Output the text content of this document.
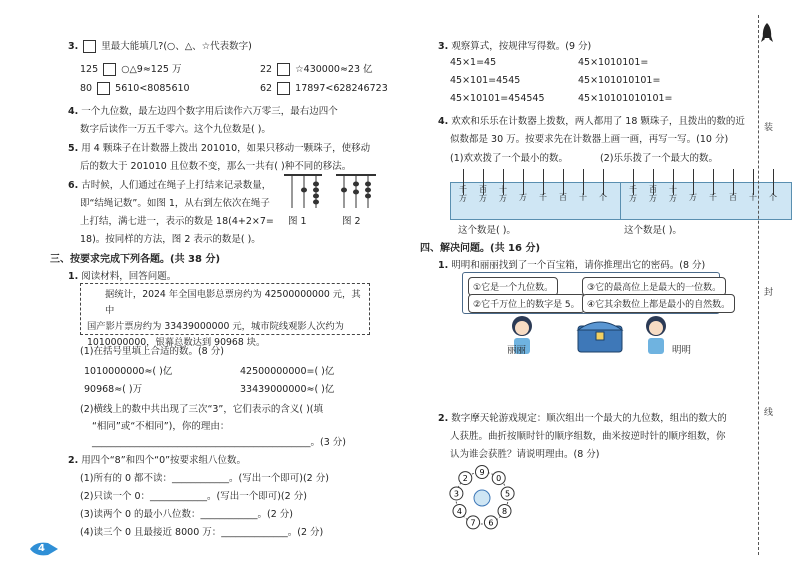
3. 里最大能填几?(○、△、☆代表数字)
125 ○△9≈125 万	22 ☆430000≈23 亿
80 5610<8085610	62 17897<628246723
4. 一个九位数，最左边四个数字用后读作六万零三，最右边四个
数字后读作一万五千零六。这个九位数是( )。
5. 用 4 颗珠子在计数器上拨出 201010，如果只移动一颗珠子，使移动
后的数大于 201010 且位数不变，那么一共有( )种不同的移法。
6. 古时候，人们通过在绳子上打结来记录数量，
即“结绳记数”。如图 1，从右到左依次在绳子
上打结，满七进一，表示的数是 18(4+2×7=
18)。按同样的方法，图 2 表示的数是( )。
图 1	图 2
三、按要求完成下列各题。(共 38 分)
1. 阅读材料，回答问题。
据统计，2024 年全国电影总票房约为 42500000000 元，其中
国产影片票房约为 33439000000 元，城市院线观影人次约为
1010000000，银幕总数达到 90968 块。
(1)在括号里填上合适的数。(8 分)
1010000000≈( )亿	42500000000=( )亿
90968≈( )万	33439000000≈( )亿
(2)横线上的数中共出现了三次“3”，它们表示的含义( )(填
“相同”或“不相同”)，你的理由：
______________________________________________。(3 分)
2. 用四个“8”和四个“0”按要求组八位数。
(1)所有的 0 都不读：____________。(写出一个即可)(2 分)
(2)只读一个 0：____________。(写出一个即可)(2 分)
(3)读两个 0 的最小八位数：____________。(2 分)
(4)读三个 0 且最接近 8000 万：______________。(2 分)
4
3. 观察算式，按规律写得数。(9 分)
45×1=45	45×1010101=
45×101=4545	45×101010101=
45×10101=454545	45×10101010101=
4. 欢欢和乐乐在计数器上拨数，两人都用了 18 颗珠子，且拨出的数的近
似数都是 30 万。按要求先在计数器上画一画，再写一写。(10 分)
(1)欢欢拨了一个最小的数。	(2)乐乐拨了一个最大的数。
千万
百万
十万 万 千 百 十 个
千万
百万
十万 万 千 百 十 个
这个数是( )。	这个数是( )。
四、解决问题。(共 16 分)
1. 明明和丽丽找到了一个百宝箱，请你推理出它的密码。(8 分)
①它是一个九位数。	③它的最高位上是最大的一位数。
②它千万位上的数字是 5。 ④它其余数位上都是最小的自然数。
丽丽	明明
2. 数字摩天轮游戏规定：顺次组出一个最大的九位数，组出的数大的
人获胜。曲折按顺时针的顺序组数，曲米按逆时针的顺序组数，你
认为谁会获胜？请说明理由。(8 分)
9
0
5
8
6
7
4
3
2
装
封
线
